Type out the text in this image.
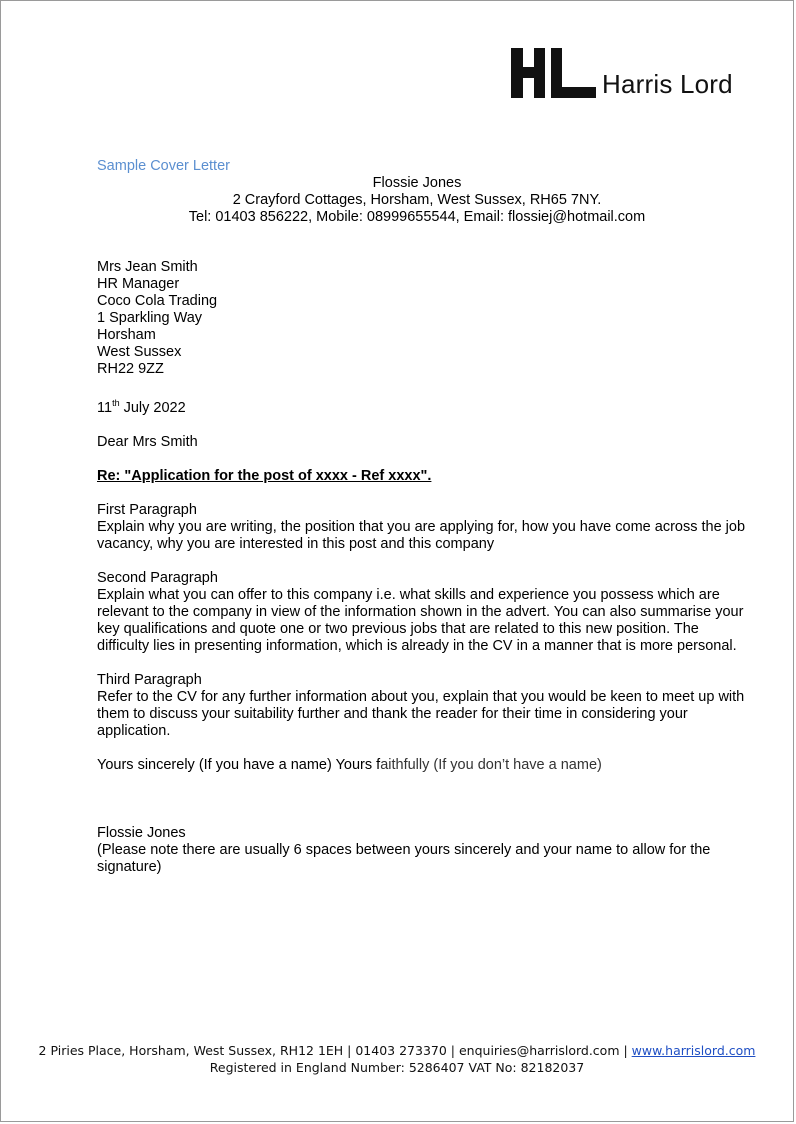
Harris Lord
Sample Cover Letter
Flossie Jones
2 Crayford Cottages, Horsham, West Sussex, RH65 7NY.
Tel: 01403 856222, Mobile: 08999655544, Email: flossiej@hotmail.com
Mrs Jean Smith
HR Manager
Coco Cola Trading
1 Sparkling Way
Horsham
West Sussex
RH22 9ZZ
11th July 2022
Dear Mrs Smith
Re: "Application for the post of xxxx - Ref xxxx".
First Paragraph
Explain why you are writing, the position that you are applying for, how you have come across the job vacancy, why you are interested in this post and this company
Second Paragraph
Explain what you can offer to this company i.e. what skills and experience you possess which are relevant to the company in view of the information shown in the advert. You can also summarise your key qualifications and quote one or two previous jobs that are related to this new position. The difficulty lies in presenting information, which is already in the CV in a manner that is more personal.
Third Paragraph
Refer to the CV for any further information about you, explain that you would be keen to meet up with them to discuss your suitability further and thank the reader for their time in considering your application.
Yours sincerely (If you have a name) Yours faithfully (If you don’t have a name)
Flossie Jones
(Please note there are usually 6 spaces between yours sincerely and your name to allow for the signature)
2 Piries Place, Horsham, West Sussex, RH12 1EH | 01403 273370 | enquiries@harrislord.com | www.harrislord.com
Registered in England Number: 5286407 VAT No: 82182037
